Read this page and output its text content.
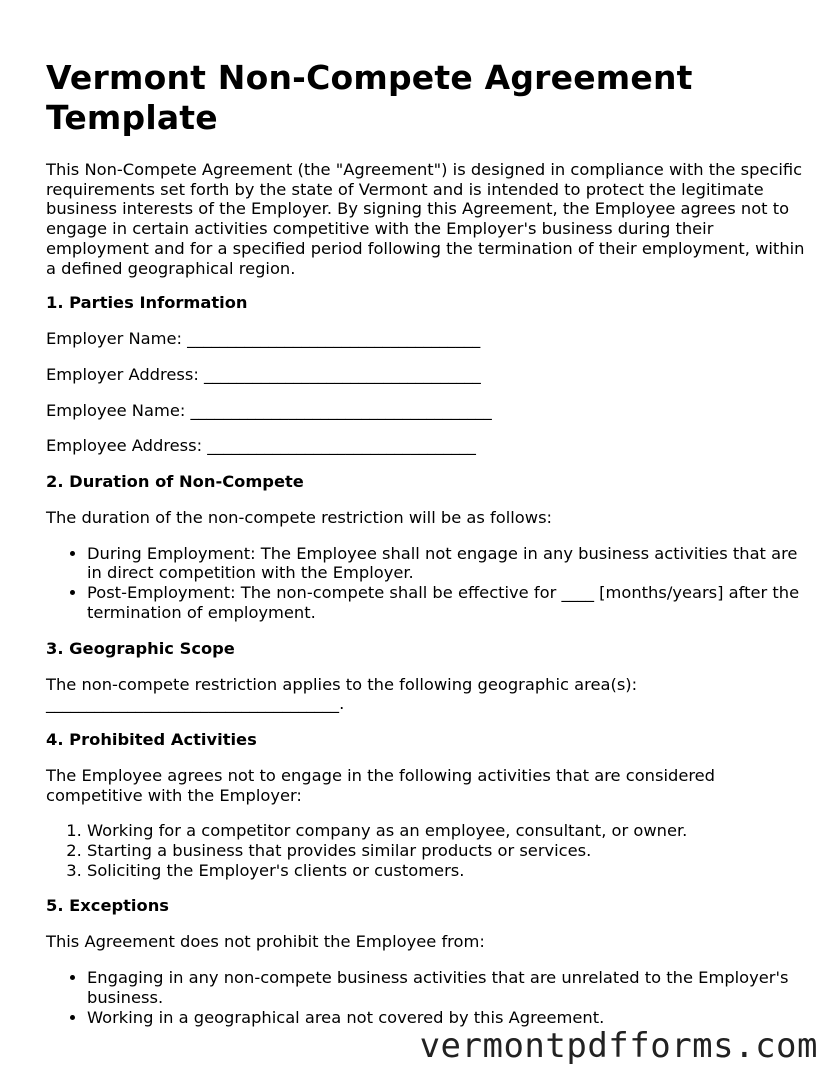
Vermont Non-Compete Agreement Template

This Non-Compete Agreement (the "Agreement") is designed in compliance with the specific requirements set forth by the state of Vermont and is intended to protect the legitimate business interests of the Employer. By signing this Agreement, the Employee agrees not to engage in certain activities competitive with the Employer's business during their employment and for a specified period following the termination of their employment, within a defined geographical region.

1. Parties Information

Employer Name: ____________________________________

Employer Address: __________________________________

Employee Name: _____________________________________

Employee Address: _________________________________

2. Duration of Non-Compete

The duration of the non-compete restriction will be as follows:

• During Employment: The Employee shall not engage in any business activities that are in direct competition with the Employer.
• Post-Employment: The non-compete shall be effective for ____ [months/years] after the termination of employment.
3. Geographic Scope

The non-compete restriction applies to the following geographic area(s): ____________________________________.

4. Prohibited Activities

The Employee agrees not to engage in the following activities that are considered competitive with the Employer:

1. Working for a competitor company as an employee, consultant, or owner.
2. Starting a business that provides similar products or services.
3. Soliciting the Employer's clients or customers.
5. Exceptions

This Agreement does not prohibit the Employee from:

• Engaging in any non-compete business activities that are unrelated to the Employer's business.
• Working in a geographical area not covered by this Agreement.
vermontpdfforms.com
